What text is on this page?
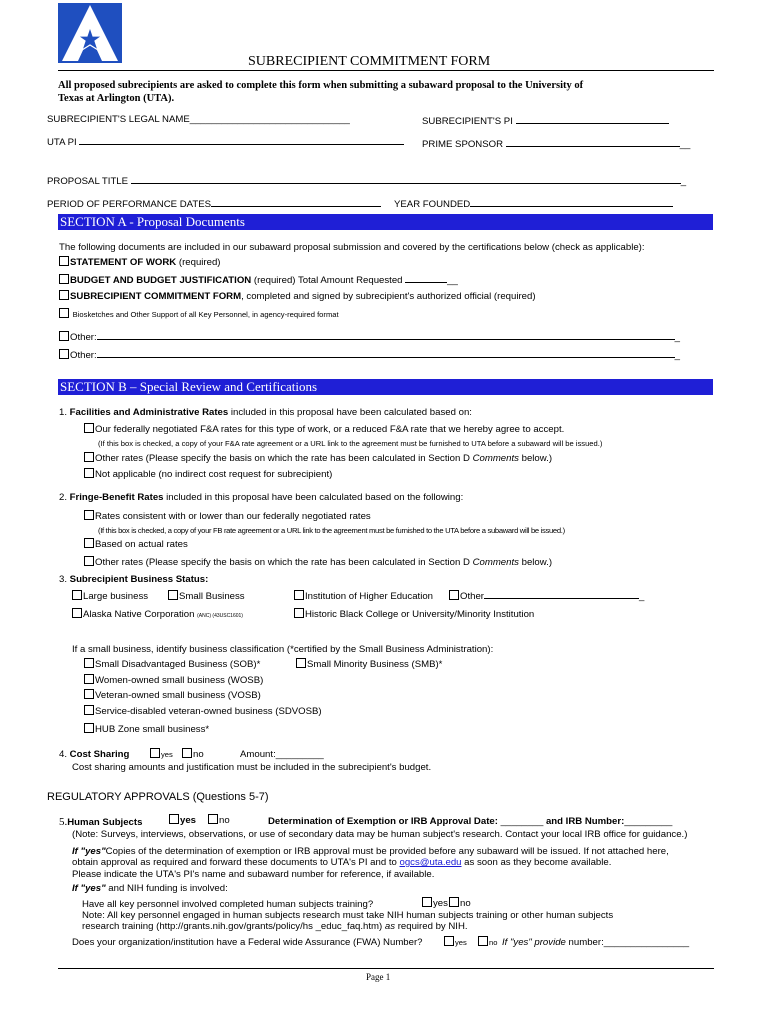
SUBRECIPIENT COMMITMENT FORM
All proposed subrecipients are asked to complete this form when submitting a subaward proposal to the University of
Texas at Arlington (UTA).
SUBRECIPIENT'S LEGAL NAME______________________________	SUBRECIPIENT'S PI
UTA PI	PRIME SPONSOR	__
PROPOSAL TITLE	_
PERIOD OF PERFORMANCE DATES	YEAR FOUNDED
SECTION A - Proposal Documents
The following documents are included in our subaward proposal submission and covered by the certifications below (check as applicable):
STATEMENT OF WORK (required)
BUDGET AND BUDGET JUSTIFICATION (required) Total Amount Requested	__
SUBRECIPIENT COMMITMENT FORM, completed and signed by subrecipient's authorized official (required)
Biosketches and Other Support of all Key Personnel, in agency-required format
Other:	_
Other:	_
SECTION B – Special Review and Certifications
1. Facilities and Administrative Rates included in this proposal have been calculated based on:
Our federally negotiated F&A rates for this type of work, or a reduced F&A rate that we hereby agree to accept.
(If this box is checked, a copy of your F&A rate agreement or a URL link to the agreement must be furnished to UTA before a subaward will be issued.)
Other rates (Please specify the basis on which the rate has been calculated in Section D Comments below.)
Not applicable (no indirect cost request for subrecipient)
2. Fringe-Benefit Rates included in this proposal have been calculated based on the following:
Rates consistent with or lower than our federally negotiated rates
(If this box is checked, a copy of your FB rate agreement or a URL link to the agreement must be furnished to the UTA before a subaward will be issued.)
Based on actual rates
Other rates (Please specify the basis on which the rate has been calculated in Section D Comments below.)
3. Subrecipient Business Status:
Large business	Small Business	Institution of Higher Education	Other	_
Alaska Native Corporation (ANC) (43USC1601)	Historic Black College or University/Minority Institution
If a small business, identify business classification (*certified by the Small Business Administration):
Small Disadvantaged Business (SOB)*	Small Minority Business (SMB)*
Women-owned small business (WOSB)
Veteran-owned small business (VOSB)
Service-disabled veteran-owned business (SDVOSB)
HUB Zone small business*
4. Cost Sharing	yes	no	Amount:_________
Cost sharing amounts and justification must be included in the subrecipient's budget.
REGULATORY APPROVALS (Questions 5-7)
5.Human Subjects	yes	no	Determination of Exemption or IRB Approval Date: ________ and IRB Number:_________
(Note: Surveys, interviews, observations, or use of secondary data may be human subject's research. Contact your local IRB office for guidance.)
If "yes"Copies of the determination of exemption or IRB approval must be provided before any subaward will be issued. If not attached here,
obtain approval as required and forward these documents to UTA's PI and to ogcs@uta.edu as soon as they become available.
Please indicate the UTA's PI's name and subaward number for reference, if available.
If "yes" and NIH funding is involved:
Have all key personnel involved completed human subjects training?	yes	no
Note: All key personnel engaged in human subjects research must take NIH human subjects training or other human subjects
research training (http://grants.nih.gov/grants/policy/hs _educ_faq.htm) as required by NIH.
Does your organization/institution have a Federal wide Assurance (FWA) Number?	yes	no If "yes" provide number:________________
Page 1
